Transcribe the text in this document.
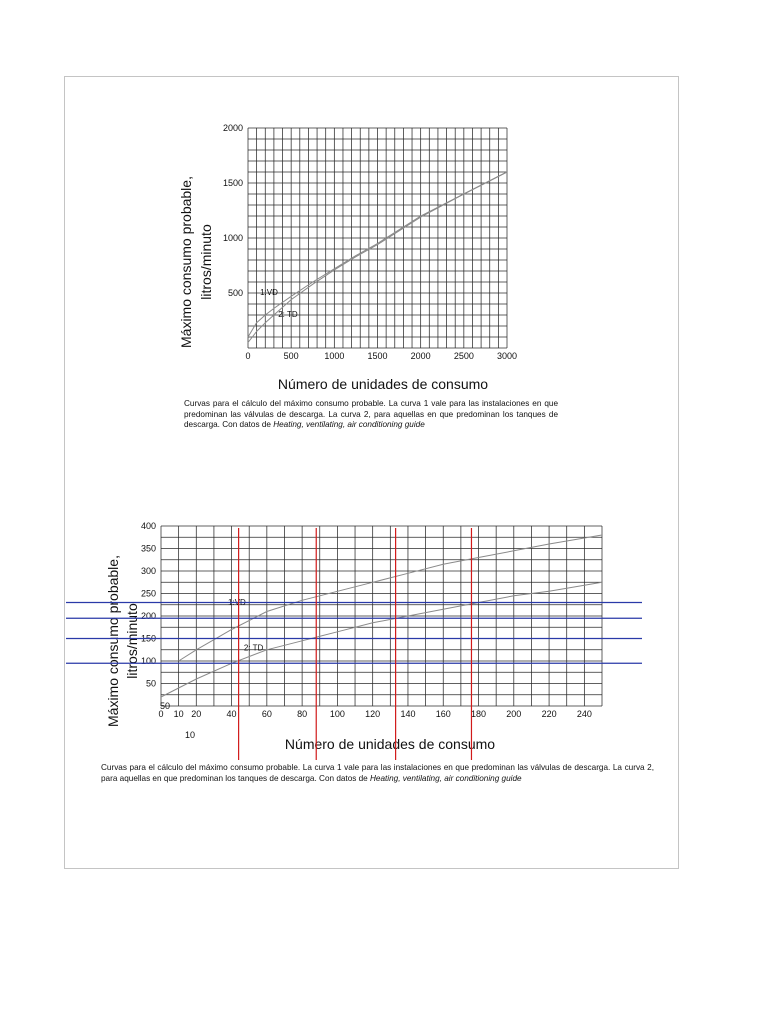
0	500	1000	1500	2000	2500	3000
500
1000
1500
2000
Número de unidades de consumo
Máximo consumo probable, litros/minuto	1:VD
2: TD
0 10 20	40	60	80	100 120 140 160 180 200 220 240
50
100
150
200
250
300
350
400
Número de unidades de consumo
Máximo consumo probable, litros/minuto
1:VD
2: TD
50
10
Curvas para el cálculo del máximo consumo probable. La curva 1 vale para las instalaciones en que predominan las válvulas de descarga. La curva 2, para aquellas en que predominan los tanques de descarga. Con datos de Heating, ventilating, air conditioning guide
Curvas para el cálculo del máximo consumo probable. La curva 1 vale para las instalaciones en que predominan las válvulas de descarga. La curva 2, para aquellas en que predominan los tanques de descarga. Con datos de Heating, ventilating, air conditioning guide
